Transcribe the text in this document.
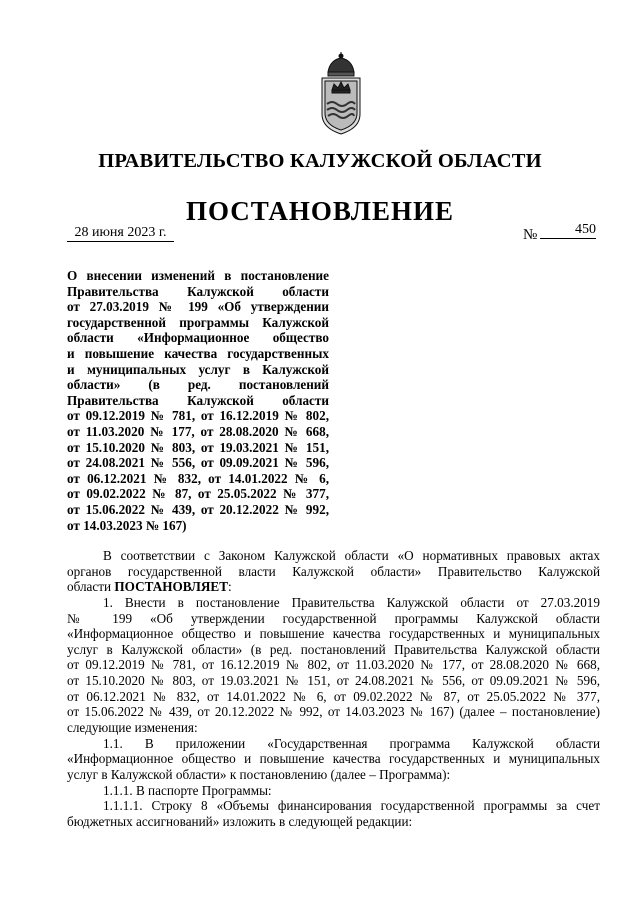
ПРАВИТЕЛЬСТВО КАЛУЖСКОЙ ОБЛАСТИ
ПОСТАНОВЛЕНИЕ
28 июня 2023 г.	№	450
О внесении изменений в постановление
Правительства Калужской области
от 27.03.2019 № 199 «Об утверждении
государственной программы Калужской
области «Информационное общество
и повышение качества государственных
и муниципальных услуг в Калужской
области» (в ред. постановлений
Правительства Калужской области
от 09.12.2019 № 781, от 16.12.2019 № 802,
от 11.03.2020 № 177, от 28.08.2020 № 668,
от 15.10.2020 № 803, от 19.03.2021 № 151,
от 24.08.2021 № 556, от 09.09.2021 № 596,
от 06.12.2021 № 832, от 14.01.2022 № 6,
от 09.02.2022 № 87, от 25.05.2022 № 377,
от 15.06.2022 № 439, от 20.12.2022 № 992,
от 14.03.2023 № 167)
В соответствии с Законом Калужской области «О нормативных правовых актах
органов государственной власти Калужской области» Правительство Калужской
области ПОСТАНОВЛЯЕТ:
1. Внести в постановление Правительства Калужской области от 27.03.2019
№ 199 «Об утверждении государственной программы Калужской области
«Информационное общество и повышение качества государственных и муниципальных
услуг в Калужской области» (в ред. постановлений Правительства Калужской области
от 09.12.2019 № 781, от 16.12.2019 № 802, от 11.03.2020 № 177, от 28.08.2020 № 668,
от 15.10.2020 № 803, от 19.03.2021 № 151, от 24.08.2021 № 556, от 09.09.2021 № 596,
от 06.12.2021 № 832, от 14.01.2022 № 6, от 09.02.2022 № 87, от 25.05.2022 № 377,
от 15.06.2022 № 439, от 20.12.2022 № 992, от 14.03.2023 № 167) (далее – постановление)
следующие изменения:
1.1. В приложении «Государственная программа Калужской области
«Информационное общество и повышение качества государственных и муниципальных
услуг в Калужской области» к постановлению (далее – Программа):
1.1.1. В паспорте Программы:
1.1.1.1. Строку 8 «Объемы финансирования государственной программы за счет
бюджетных ассигнований» изложить в следующей редакции:
